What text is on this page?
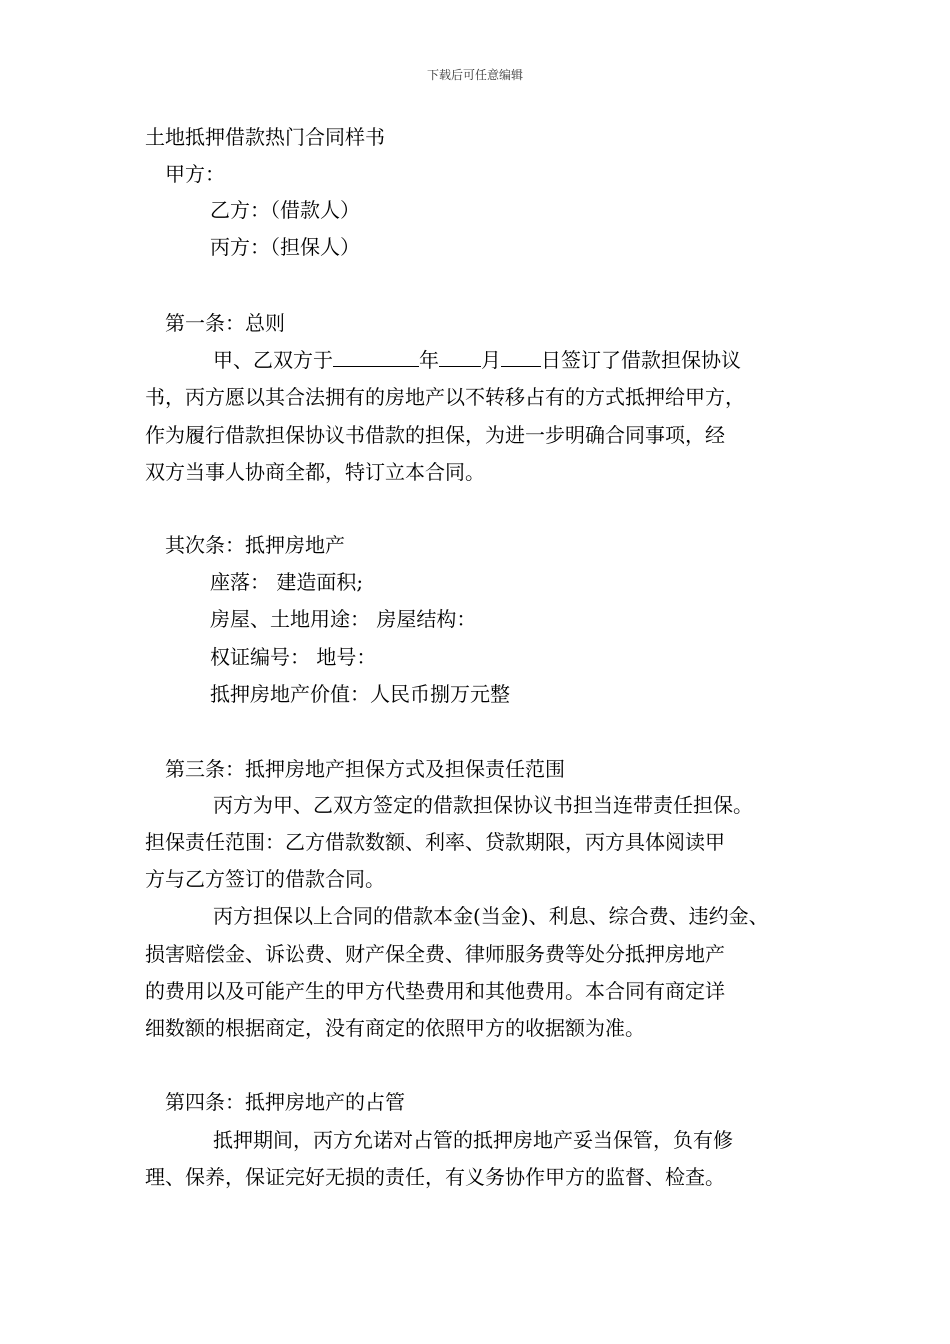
下载后可任意编辑
土地抵押借款热门合同样书
甲方：
乙方：（借款人）
丙方：（担保人）
第一条：总则
甲、乙双方于	年 月 日签订了借款担保协议
书，丙方愿以其合法拥有的房地产以不转移占有的方式抵押给甲方，
作为履行借款担保协议书借款的担保，为进一步明确合同事项，经
双方当事人协商全都，特订立本合同。
其次条：抵押房地产
座落： 建造面积;
房屋、土地用途： 房屋结构：
权证编号： 地号：
抵押房地产价值：人民币捌万元整
第三条：抵押房地产担保方式及担保责任范围
丙方为甲、乙双方签定的借款担保协议书担当连带责任担保。
担保责任范围：乙方借款数额、利率、贷款期限，丙方具体阅读甲
方与乙方签订的借款合同。
丙方担保以上合同的借款本金(当金)、利息、综合费、违约金、
损害赔偿金、诉讼费、财产保全费、律师服务费等处分抵押房地产
的费用以及可能产生的甲方代垫费用和其他费用。本合同有商定详
细数额的根据商定，没有商定的依照甲方的收据额为准。
第四条：抵押房地产的占管
抵押期间，丙方允诺对占管的抵押房地产妥当保管，负有修
理、保养，保证完好无损的责任，有义务协作甲方的监督、检查。
